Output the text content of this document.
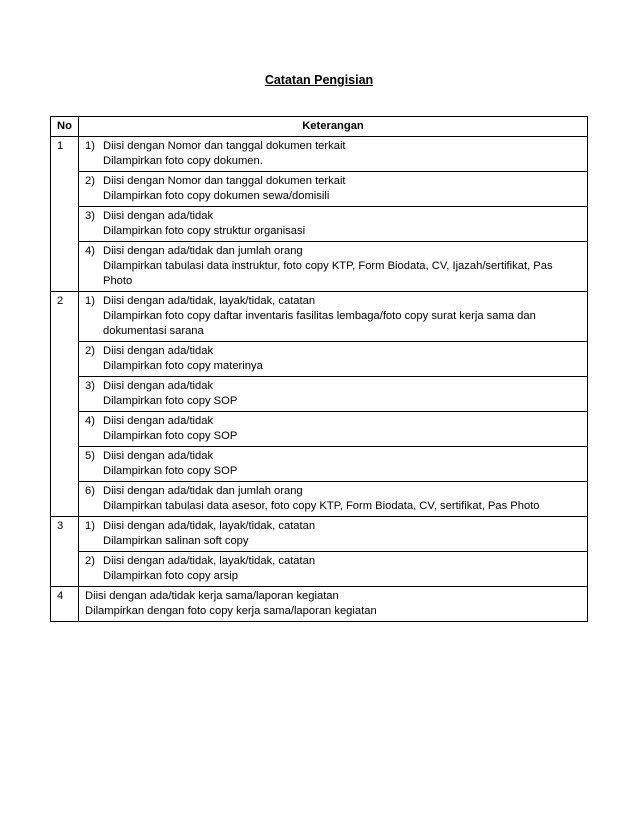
Catatan Pengisian
No	Keterangan
1	1) Diisi dengan Nomor dan tanggal dokumen terkait
Dilampirkan foto copy dokumen.

	2) Diisi dengan Nomor dan tanggal dokumen terkait
Dilampirkan foto copy dokumen sewa/domisili

	3) Diisi dengan ada/tidak
Dilampirkan foto copy struktur organisasi

	4) Diisi dengan ada/tidak dan jumlah orang
Dilampirkan tabulasi data instruktur, foto copy KTP, Form Biodata, CV, Ijazah/sertifikat, Pas Photo

2	1) Diisi dengan ada/tidak, layak/tidak, catatan
Dilampirkan foto copy daftar inventaris fasilitas lembaga/foto copy surat kerja sama dan dokumentasi sarana

	2) Diisi dengan ada/tidak
Dilampirkan foto copy materinya

	3) Diisi dengan ada/tidak
Dilampirkan foto copy SOP

	4) Diisi dengan ada/tidak
Dilampirkan foto copy SOP

	5) Diisi dengan ada/tidak
Dilampirkan foto copy SOP

	6) Diisi dengan ada/tidak dan jumlah orang
Dilampirkan tabulasi data asesor, foto copy KTP, Form Biodata, CV, sertifikat, Pas Photo

3	1) Diisi dengan ada/tidak, layak/tidak, catatan
Dilampirkan salinan soft copy

	2) Diisi dengan ada/tidak, layak/tidak, catatan
Dilampirkan foto copy arsip

4	Diisi dengan ada/tidak kerja sama/laporan kegiatan
Dilampirkan dengan foto copy kerja sama/laporan kegiatan
